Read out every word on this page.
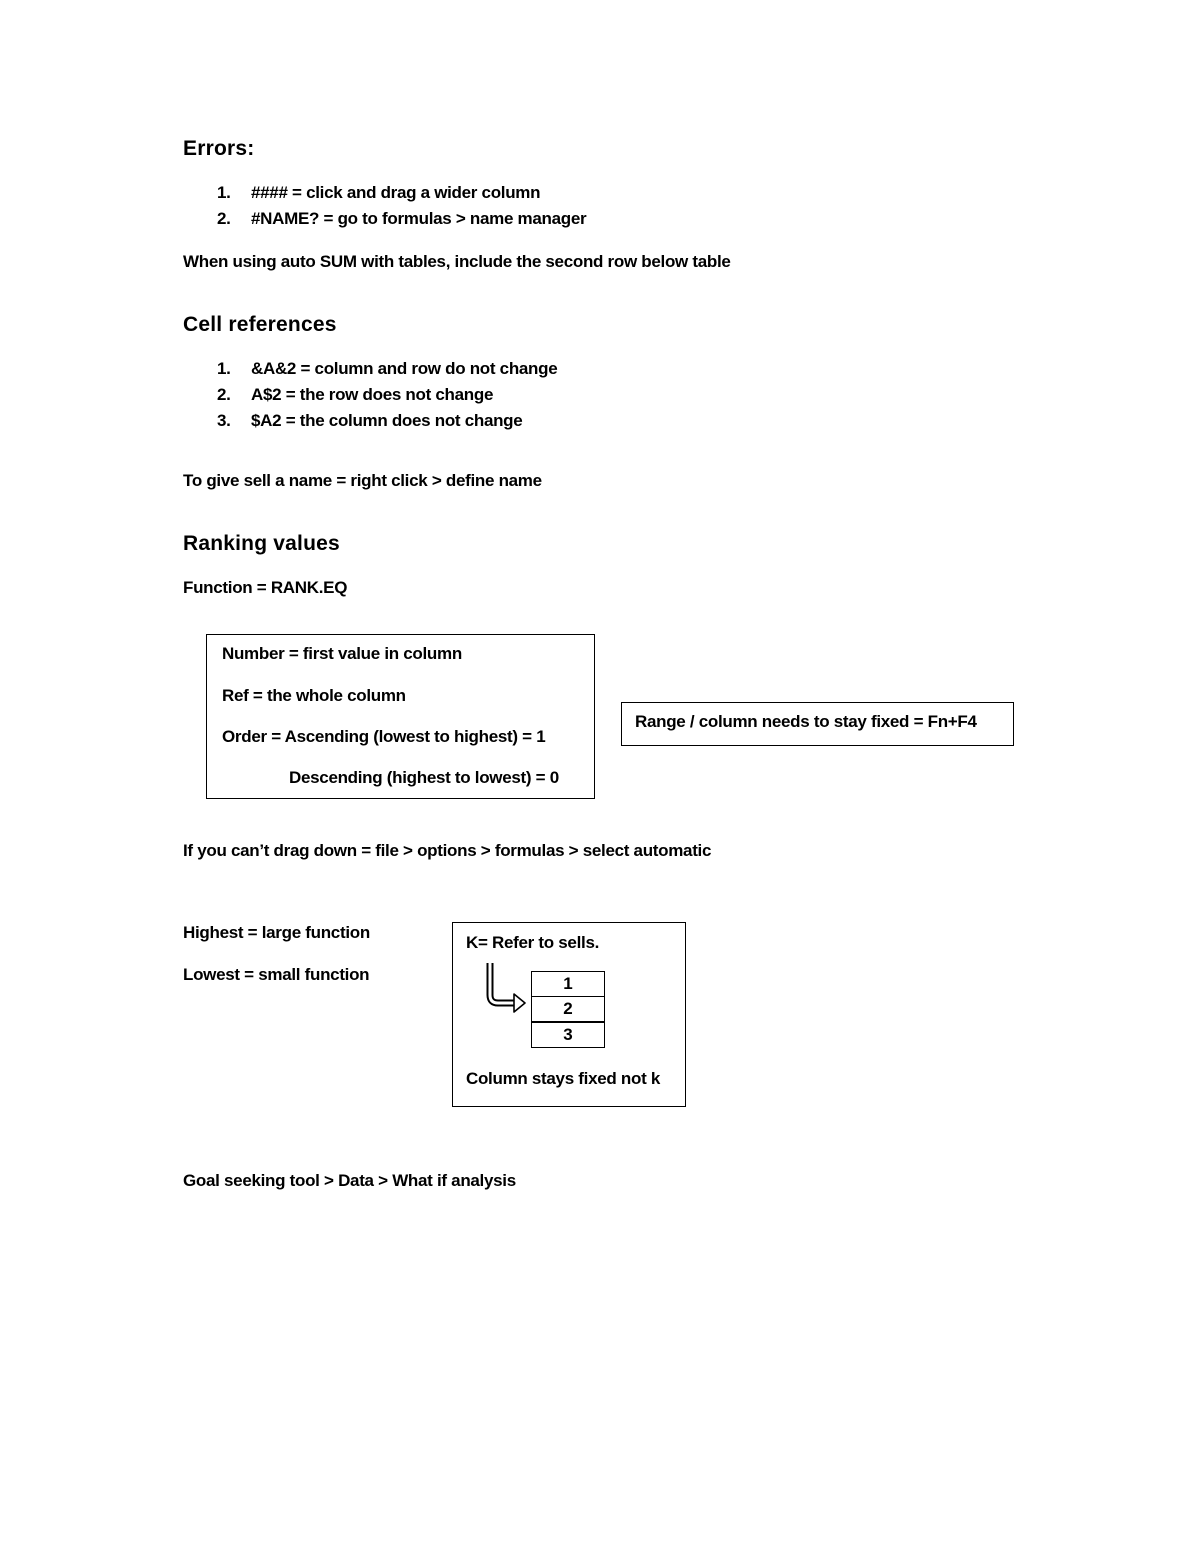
Errors:
1. #### = click and drag a wider column
2. #NAME? = go to formulas > name manager
When using auto SUM with tables, include the second row below table
Cell references
1. &A&2 = column and row do not change
2. A$2 = the row does not change
3. $A2 = the column does not change
To give sell a name = right click > define name
Ranking values
Function = RANK.EQ
Number = first value in column
Ref = the whole column
Order = Ascending (lowest to highest) = 1
Descending (highest to lowest) = 0
Range / column needs to stay fixed = Fn+F4
If you can’t drag down = file > options > formulas > select automatic
Highest = large function
Lowest = small function
K= Refer to sells.
1
2
3
Column stays fixed not k
Goal seeking tool > Data > What if analysis
